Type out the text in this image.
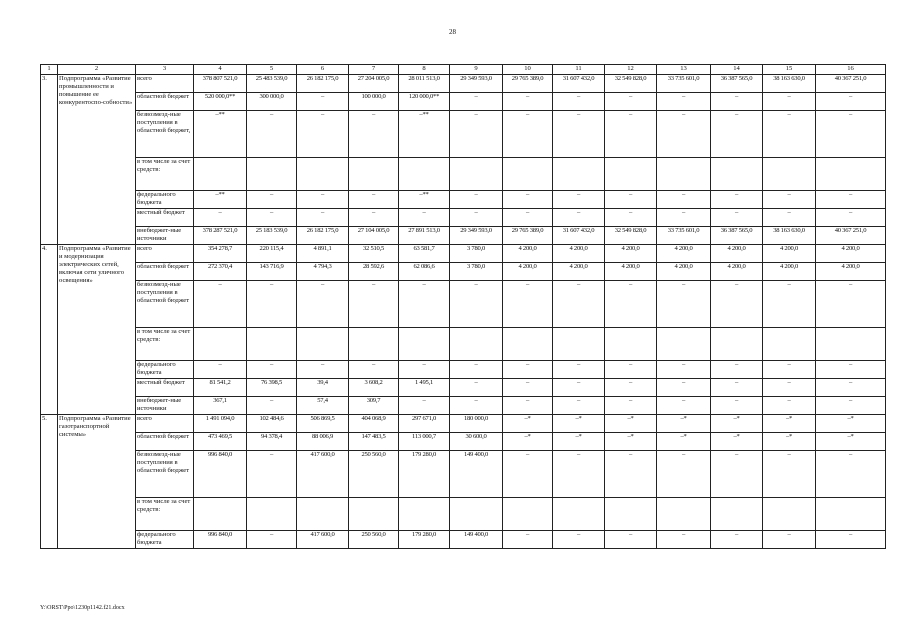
28
1	2	3	4	5	6	7	8	9	10	11	12	13	14	15	16
3.	Подпрограмма «Развитие промышленности и повышение ее конкурентоспо-собности»	всего	378 807 521,0	25 483 539,0	26 182 175,0	27 204 005,0	28 011 513,0	29 349 593,0	29 765 389,0	31 607 432,0	32 549 828,0	33 735 601,0	36 387 565,0	38 163 630,0	40 367 251,0
		областной бюджет	520 000,0**	300 000,0	–	100 000,0	120 000,0**	–	–	–	–	–	–	–	–
		безвозмезд-ные поступления в областной бюджет,	–**	–	–	–	–**	–	–	–	–	–	–	–	–
		в том числе за счет средств:													
		федерального бюджета	–**	–	–	–	–**	–	–	–	–	–	–	–	–
		местный бюджет	–	–	–	–	–	–	–	–	–	–	–	–	–
		внебюджет-ные источники	378 287 521,0	25 183 539,0	26 182 175,0	27 104 005,0	27 891 513,0	29 349 593,0	29 765 389,0	31 607 432,0	32 549 828,0	33 735 601,0	36 387 565,0	38 163 630,0	40 367 251,0
4.	Подпрограмма «Развитие и модернизация электрических сетей, включая сети уличного освещения»	всего	354 278,7	220 115,4	4 891,1	32 510,5	63 581,7	3 780,0	4 200,0	4 200,0	4 200,0	4 200,0	4 200,0	4 200,0	4 200,0
		областной бюджет	272 370,4	143 716,9	4 794,3	28 592,6	62 086,6	3 780,0	4 200,0	4 200,0	4 200,0	4 200,0	4 200,0	4 200,0	4 200,0
		безвозмезд-ные поступления в областной бюджет	–	–	–	–	–	–	–	–	–	–	–	–	–
		в том числе за счет средств:													
		федерального бюджета	–	–	–	–	–	–	–	–	–	–	–	–	–
		местный бюджет	81 541,2	76 398,5	39,4	3 608,2	1 495,1	–	–	–	–	–	–	–	–
		внебюджет-ные источники	367,1	–	57,4	309,7	–	–	–	–	–	–	–	–	–
5.	Подпрограмма «Развитие газотранспортной системы»	всего	1 491 094,0	102 484,6	506 869,5	404 068,9	297 671,0	180 000,0	–*	–*	–*	–*	–*	–*	–*
		областной бюджет	473 469,5	94 378,4	88 006,9	147 483,5	113 000,7	30 600,0	–*	–*	–*	–*	–*	–*	–*
		безвозмезд-ные поступления в областной бюджет	996 840,0	–	417 600,0	250 560,0	179 280,0	149 400,0	–	–	–	–	–	–	–
		в том числе за счет средств:													
		федерального бюджета	996 840,0	–	417 600,0	250 560,0	179 280,0	149 400,0	–	–	–	–	–	–	–
Y:\ORST\Ppo\1230p1142.f21.docx
